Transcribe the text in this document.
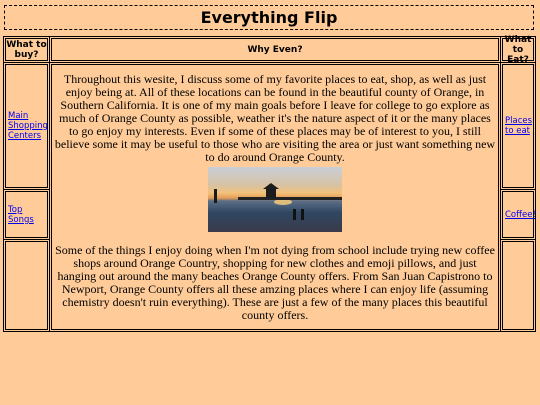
Everything Flip
What to buy?
Main Shopping Centers
Top Songs
Why Even?

Throughout this wesite, I discuss some of my favorite places to eat, shop, as well as just enjoy being at. All of these locations can be found in the beautiful county of Orange, in Southern California. It is one of my main goals before I leave for college to go explore as much of Orange County as possible, weather it's the nature aspect of it or the many places to go enjoy my interests. Even if some of these places may be of interest to you, I still believe some it may be useful to those who are visiting the area or just want something new to do around Orange County.

Some of the things I enjoy doing when I'm not dying from school include trying new coffee shops around Orange Country, shopping for new clothes and emoji pillows, and just hanging out around the many beaches Orange County offers. From San Juan Capistrono to Newport, Orange County offers all these amzing places where I can enjoy life (assuming chemistry doesn't ruin everything). These are just a few of the many places this beautiful county offers.

What to Eat?
Places to eat
Coffee!
